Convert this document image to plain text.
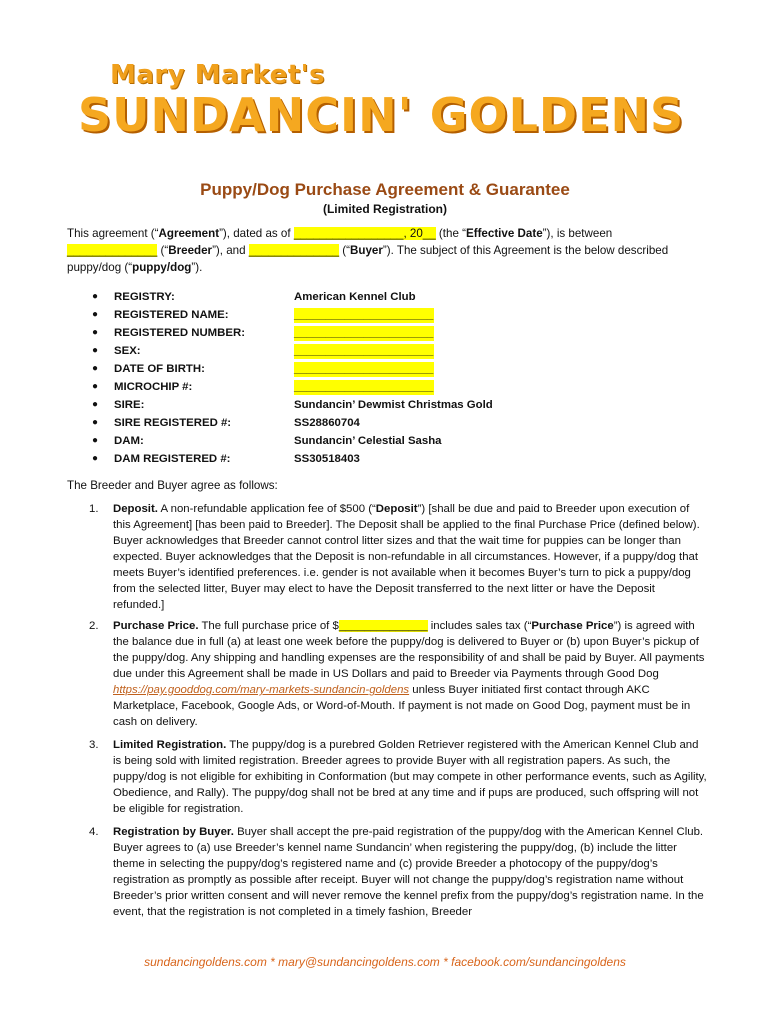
Mary Market's
SUNDANCIN' GOLDENS
Puppy/Dog Purchase Agreement & Guarantee
(Limited Registration)
This agreement (“Agreement”), dated as of _________________, 20__ (the “Effective Date”), is between
______________ (“Breeder”), and ______________ (“Buyer”). The subject of this Agreement is the below described puppy/dog (“puppy/dog”).
●	REGISTRY:	American Kennel Club
●	REGISTERED NAME:	______________________
●	REGISTERED NUMBER:	______________________
●	SEX:	______________________
●	DATE OF BIRTH:	______________________
●	MICROCHIP #:	______________________
●	SIRE:	Sundancin’ Dewmist Christmas Gold
●	SIRE REGISTERED #:	SS28860704
●	DAM:	Sundancin’ Celestial Sasha
●	DAM REGISTERED #:	SS30518403
The Breeder and Buyer agree as follows:
1. Deposit. A non-refundable application fee of $500 (“Deposit”) [shall be due and paid to Breeder upon execution of this Agreement] [has been paid to Breeder]. The Deposit shall be applied to the final Purchase Price (defined below). Buyer acknowledges that Breeder cannot control litter sizes and that the wait time for puppies can be longer than expected. Buyer acknowledges that the Deposit is non-refundable in all circumstances. However, if a puppy/dog that meets Buyer’s identified preferences. i.e. gender is not available when it becomes Buyer’s turn to pick a puppy/dog from the selected litter, Buyer may elect to have the Deposit transferred to the next litter or have the Deposit refunded.]
2. Purchase Price. The full purchase price of $______________ includes sales tax (“Purchase Price”) is agreed with the balance due in full (a) at least one week before the puppy/dog is delivered to Buyer or (b) upon Buyer’s pickup of the puppy/dog. Any shipping and handling expenses are the responsibility of and shall be paid by Buyer. All payments due under this Agreement shall be made in US Dollars and paid to Breeder via Payments through Good Dog https://pay.gooddog.com/mary-markets-sundancin-goldens unless Buyer initiated first contact through AKC Marketplace, Facebook, Google Ads, or Word-of-Mouth. If payment is not made on Good Dog, payment must be in cash on delivery.
3. Limited Registration. The puppy/dog is a purebred Golden Retriever registered with the American Kennel Club and is being sold with limited registration. Breeder agrees to provide Buyer with all registration papers. As such, the puppy/dog is not eligible for exhibiting in Conformation (but may compete in other performance events, such as Agility, Obedience, and Rally). The puppy/dog shall not be bred at any time and if pups are produced, such offspring will not be eligible for registration.
4. Registration by Buyer. Buyer shall accept the pre-paid registration of the puppy/dog with the American Kennel Club. Buyer agrees to (a) use Breeder’s kennel name Sundancin’ when registering the puppy/dog, (b) include the litter theme in selecting the puppy/dog’s registered name and (c) provide Breeder a photocopy of the puppy/dog’s registration as promptly as possible after receipt. Buyer will not change the puppy/dog’s registration name without Breeder’s prior written consent and will never remove the kennel prefix from the puppy/dog’s registration name. In the event, that the registration is not completed in a timely fashion, Breeder
sundancingoldens.com * mary@sundancingoldens.com * facebook.com/sundancingoldens
